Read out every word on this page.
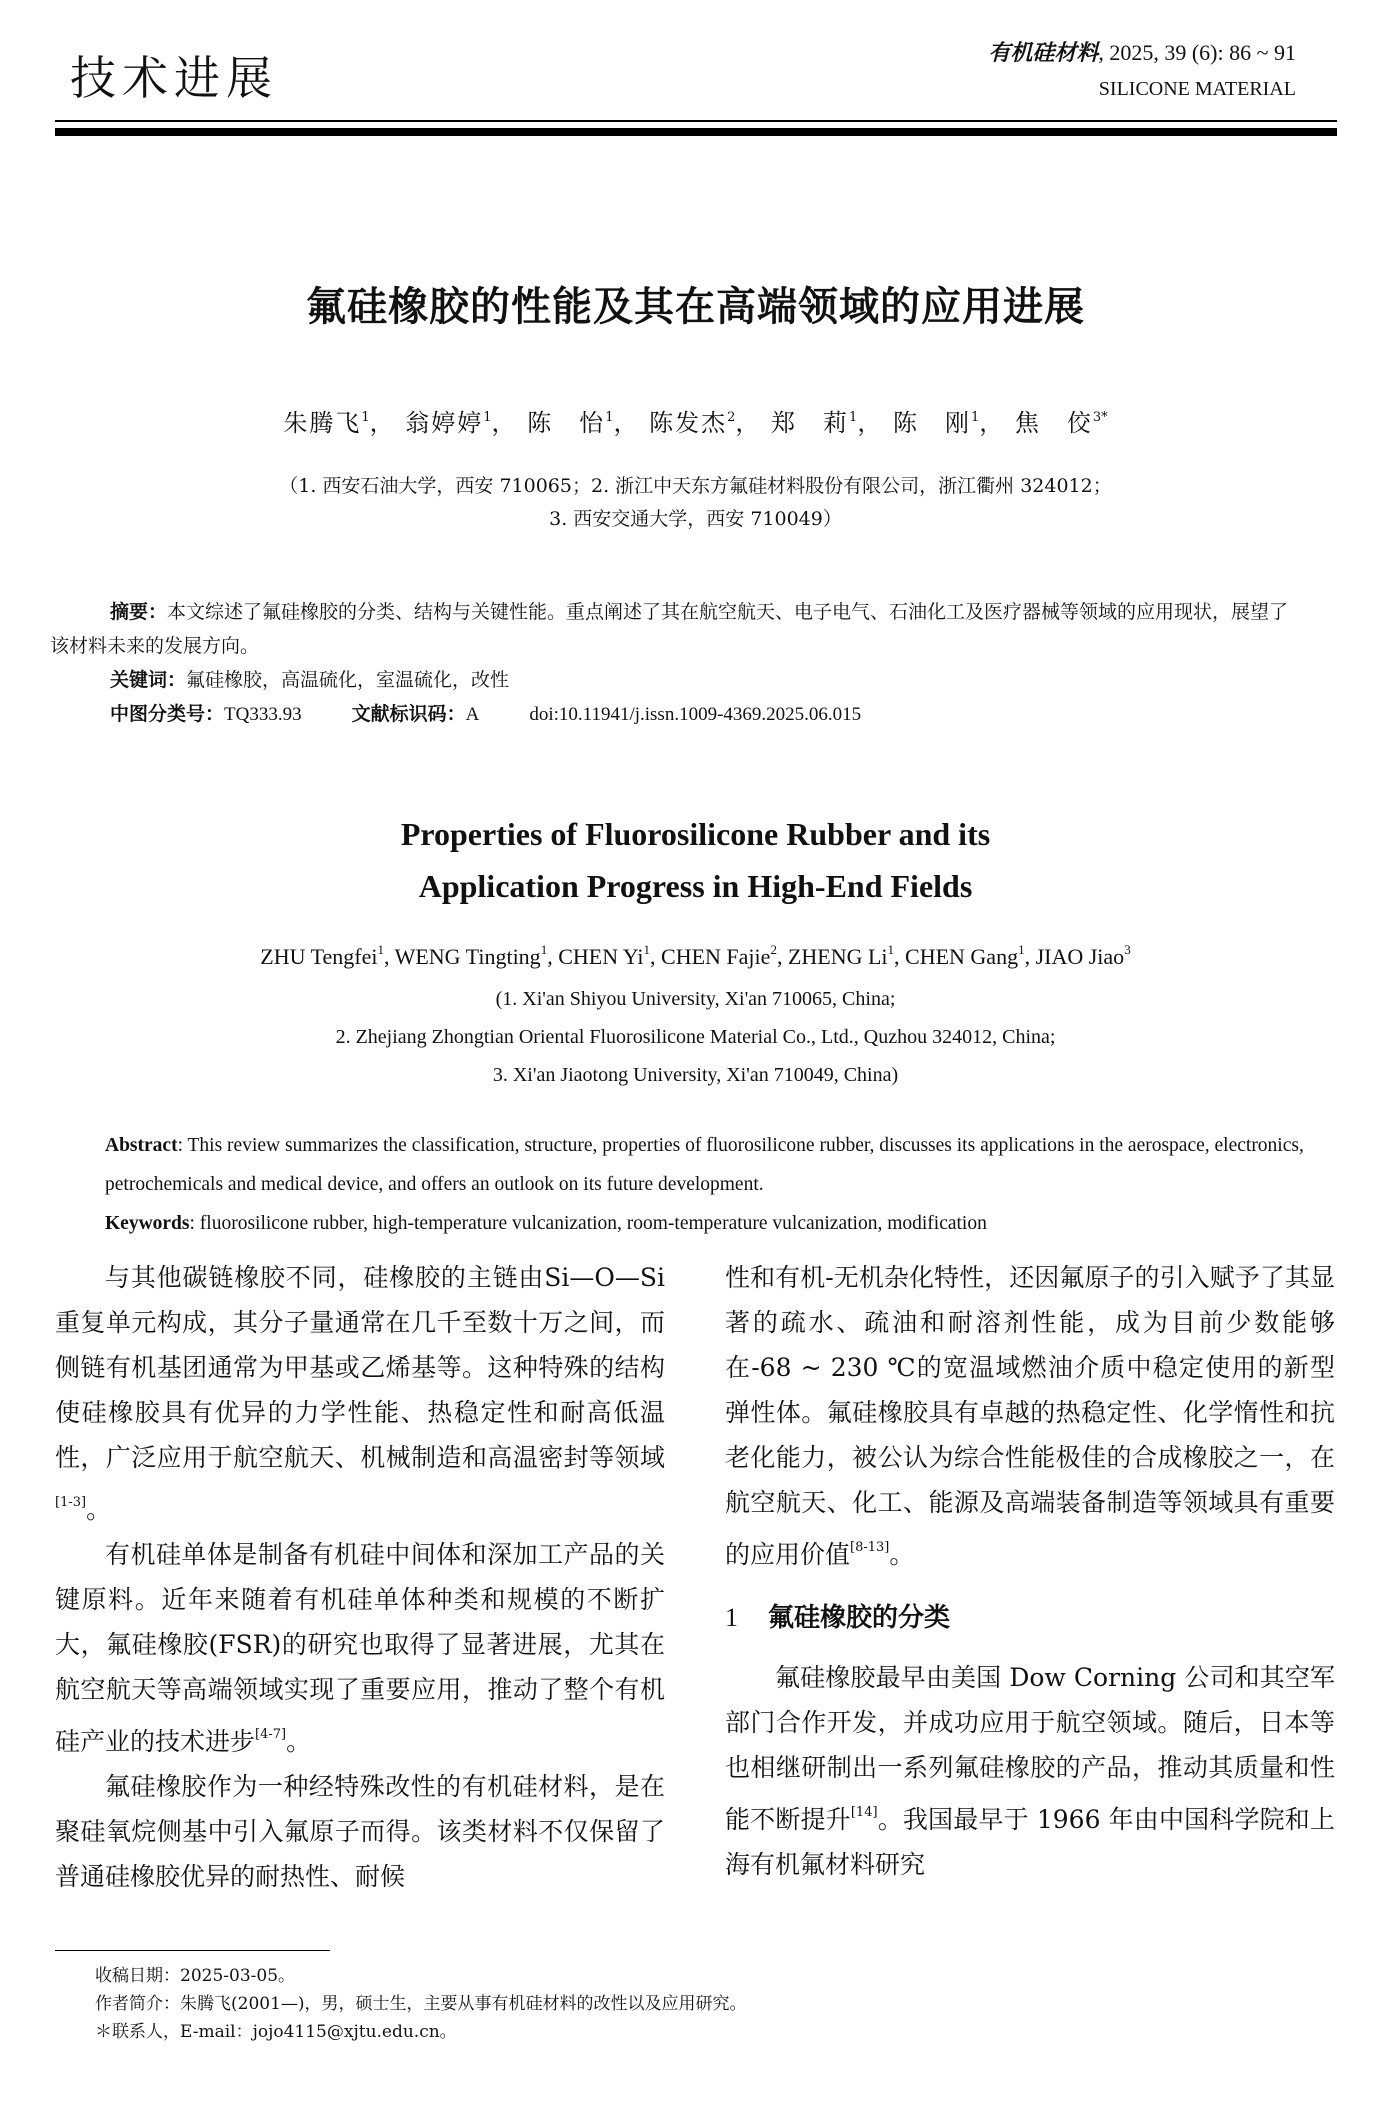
技术进展	有机硅材料, 2025, 39 (6): 86 ~ 91
SILICONE MATERIAL
氟硅橡胶的性能及其在高端领域的应用进展
朱腾飞$^1$， 翁婷婷$^1$， 陈　怡$^1$， 陈发杰$^2$， 郑　莉$^1$， 陈　刚$^1$， 焦　佼$^{3*}$
（1. 西安石油大学，西安 710065；2. 浙江中天东方氟硅材料股份有限公司，浙江衢州 324012；
3. 西安交通大学，西安 710049）

摘要：本文综述了氟硅橡胶的分类、结构与关键性能。重点阐述了其在航空航天、电子电气、石油化工及医疗器械等领域的应用现状，展望了该材料未来的发展方向。

关键词：氟硅橡胶，高温硫化，室温硫化，改性

中图分类号：TQ333.93	文献标识码：A	doi:10.11941/j.issn.1009-4369.2025.06.015

Properties of Fluorosilicone Rubber and its
Application Progress in High-End Fields
ZHU Tengfei$^1$, WENG Tingting$^1$, CHEN Yi$^1$, CHEN Fajie$^2$, ZHENG Li$^1$, CHEN Gang$^1$, JIAO Jiao$^3$
(1. Xi'an Shiyou University, Xi'an 710065, China;
2. Zhejiang Zhongtian Oriental Fluorosilicone Material Co., Ltd., Quzhou 324012, China;
3. Xi'an Jiaotong University, Xi'an 710049, China)

Abstract: This review summarizes the classification, structure, properties of fluorosilicone rubber, discusses its applications in the aerospace, electronics, petrochemicals and medical device, and offers an outlook on its future development.

Keywords: fluorosilicone rubber, high-temperature vulcanization, room-temperature vulcanization, modification

与其他碳链橡胶不同，硅橡胶的主链由Si—O—Si重复单元构成，其分子量通常在几千至数十万之间，而侧链有机基团通常为甲基或乙烯基等。这种特殊的结构使硅橡胶具有优异的力学性能、热稳定性和耐高低温性，广泛应用于航空航天、机械制造和高温密封等领域[1-3]。

有机硅单体是制备有机硅中间体和深加工产品的关键原料。近年来随着有机硅单体种类和规模的不断扩大，氟硅橡胶(FSR)的研究也取得了显著进展，尤其在航空航天等高端领域实现了重要应用，推动了整个有机硅产业的技术进步[4-7]。

氟硅橡胶作为一种经特殊改性的有机硅材料，是在聚硅氧烷侧基中引入氟原子而得。该类材料不仅保留了普通硅橡胶优异的耐热性、耐候

性和有机-无机杂化特性，还因氟原子的引入赋予了其显著的疏水、疏油和耐溶剂性能，成为目前少数能够在-68 ~ 230 ℃的宽温域燃油介质中稳定使用的新型弹性体。氟硅橡胶具有卓越的热稳定性、化学惰性和抗老化能力，被公认为综合性能极佳的合成橡胶之一，在航空航天、化工、能源及高端装备制造等领域具有重要的应用价值[8-13]。

1 氟硅橡胶的分类

氟硅橡胶最早由美国 Dow Corning 公司和其空军部门合作开发，并成功应用于航空领域。随后，日本等也相继研制出一系列氟硅橡胶的产品，推动其质量和性能不断提升[14]。我国最早于 1966 年由中国科学院和上海有机氟材料研究

收稿日期：2025-03-05。

作者简介：朱腾飞(2001—)，男，硕士生，主要从事有机硅材料的改性以及应用研究。

＊联系人，E-mail：jojo4115@xjtu.edu.cn。
